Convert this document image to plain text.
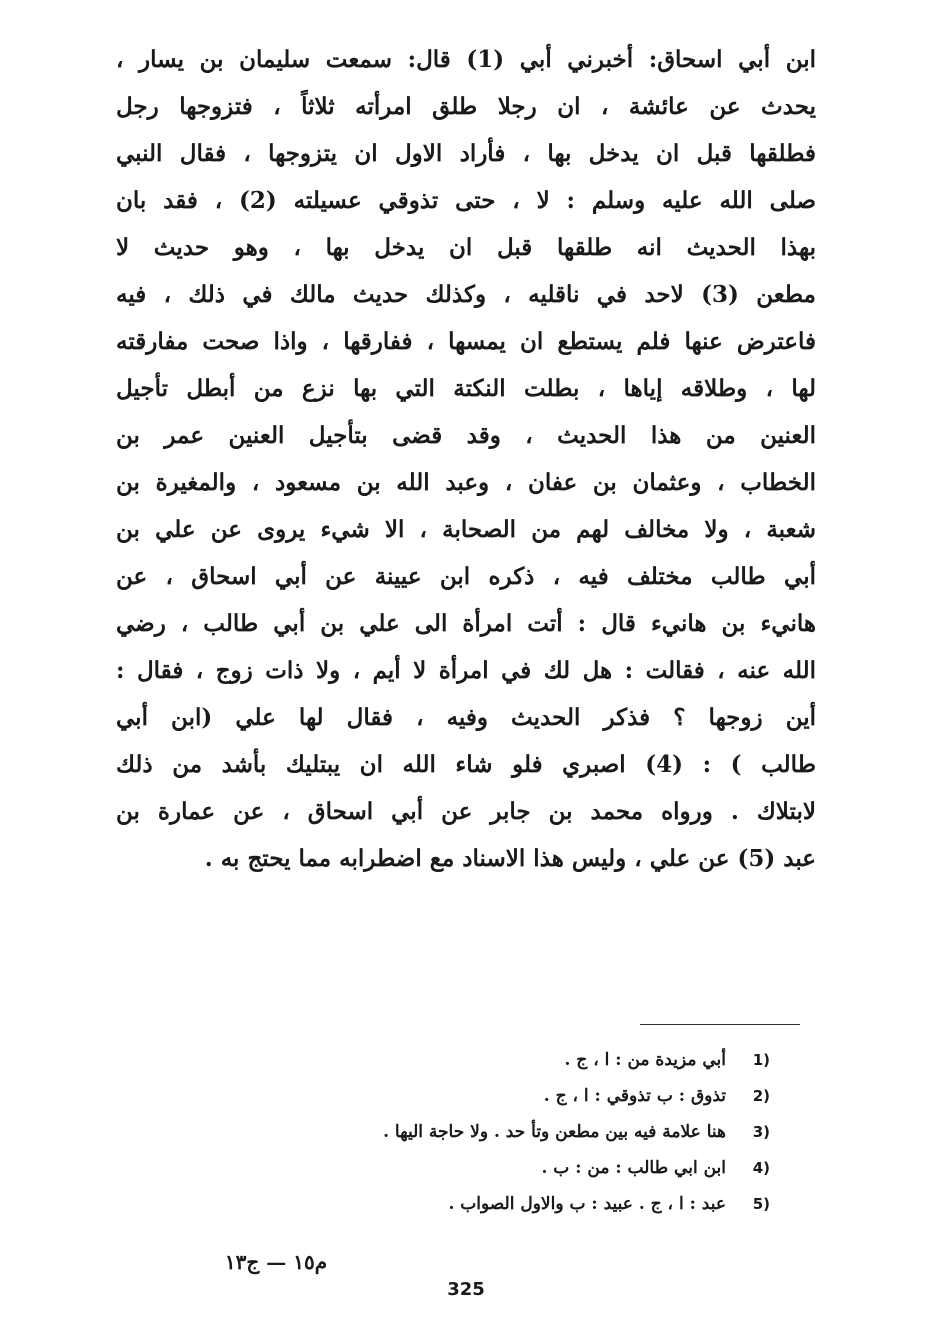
ابن أبي اسحاق: أخبرني أبي (1) قال: سمعت سليمان بن يسار ،
يحدث عن عائشة ، ان رجلا طلق امرأته ثلاثاً ، فتزوجها رجل
فطلقها قبل ان يدخل بها ، فأراد الاول ان يتزوجها ، فقال النبي
صلى الله عليه وسلم : لا ، حتى تذوقي عسيلته (2) ، فقد بان
بهذا الحديث انه طلقها قبل ان يدخل بها ، وهو حديث لا
مطعن (3) لاحد في ناقليه ، وكذلك حديث مالك في ذلك ، فيه
فاعترض عنها فلم يستطع ان يمسها ، ففارقها ، واذا صحت مفارقته
لها ، وطلاقه إياها ، بطلت النكتة التي بها نزع من أبطل تأجيل
العنين من هذا الحديث ، وقد قضى بتأجيل العنين عمر بن
الخطاب ، وعثمان بن عفان ، وعبد الله بن مسعود ، والمغيرة بن
شعبة ، ولا مخالف لهم من الصحابة ، الا شيء يروى عن علي بن
أبي طالب مختلف فيه ، ذكره ابن عيينة عن أبي اسحاق ، عن
هانيء بن هانيء قال : أتت امرأة الى علي بن أبي طالب ، رضي
الله عنه ، فقالت : هل لك في امرأة لا أيم ، ولا ذات زوج ، فقال :
أين زوجها ؟ فذكر الحديث وفيه ، فقال لها علي (ابن أبي
طالب ) : (4) اصبري فلو شاء الله ان يبتليك بأشد من ذلك
لابتلاك . ورواه محمد بن جابر عن أبي اسحاق ، عن عمارة بن
عبد (5) عن علي ، وليس هذا الاسناد مع اضطرابه مما يحتج به .
1)
أبي مزيدة من : ا ، ج .
2)
تذوق : ب تذوقي : ا ، ج .
3)
هنا علامة فيه بين مطعن وتأ حد . ولا حاجة اليها .
4)
ابن ابي طالب : من : ب .
5)
عبد : ا ، ج . عبيد : ب والاول الصواب .
م١٥ — ج١٣
325
